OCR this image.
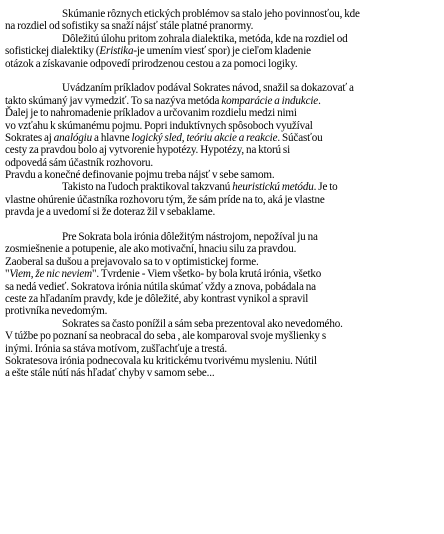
Skúmanie rôznych etických problémov sa stalo jeho povinnosťou, kde
na rozdiel od sofistiky sa snaží nájsť stále platné pranormy.
Dôležitú úlohu pritom zohrala dialektika, metóda, kde na rozdiel od
sofistickej dialektiky (Eristika-je umením viesť spor) je cieľom kladenie
otázok a získavanie odpovedí prirodzenou cestou a za pomoci logiky.
Uvádzaním príkladov podával Sokrates návod, snažil sa dokazovať a
takto skúmaný jav vymedziť. To sa nazýva metóda komparácie a indukcie.
Ďalej je to nahromadenie príkladov a určovanim rozdielu medzi nimi
vo vzťahu k skúmanému pojmu. Popri induktívnych spôsoboch využíval
Sokrates aj analógiu a hlavne logický sled, teóriu akcie a reakcie. Súčasťou
cesty za pravdou bolo aj vytvorenie hypotézy. Hypotézy, na ktorú si
odpovedá sám účastník rozhovoru.
Pravdu a konečné definovanie pojmu treba nájsť v sebe samom.
Takisto na ľudoch praktikoval takzvanú heuristickú metódu. Je to
vlastne ohúrenie účastníka rozhovoru tým, že sám príde na to, aká je vlastne
pravda je a uvedomí si že doteraz žil v sebaklame.
Pre Sokrata bola irónia dôležitým nástrojom, nepožíval ju na
zosmiešnenie a potupenie, ale ako motivační, hnaciu silu za pravdou.
Zaoberal sa dušou a prejavovalo sa to v optimistickej forme.
"Viem, že nic neviem". Tvrdenie - Viem všetko- by bola krutá irónia, všetko
sa nedá vedieť. Sokratova irónia nútila skúmať vždy a znova, pobádala na
ceste za hľadaním pravdy, kde je dôležité, aby kontrast vynikol a spravil
protivníka nevedomým.
Sokrates sa často ponížil a sám seba prezentoval ako nevedomého.
V túžbe po poznaní sa neobracal do seba , ale komparoval svoje myšlienky s
inými. Irónia sa stáva motívom, zušľachťuje a trestá.
Sokratesova irónia podnecovala ku kritickému tvorivému mysleniu. Nútil
a ešte stále nútí nás hľadať chyby v samom sebe...
